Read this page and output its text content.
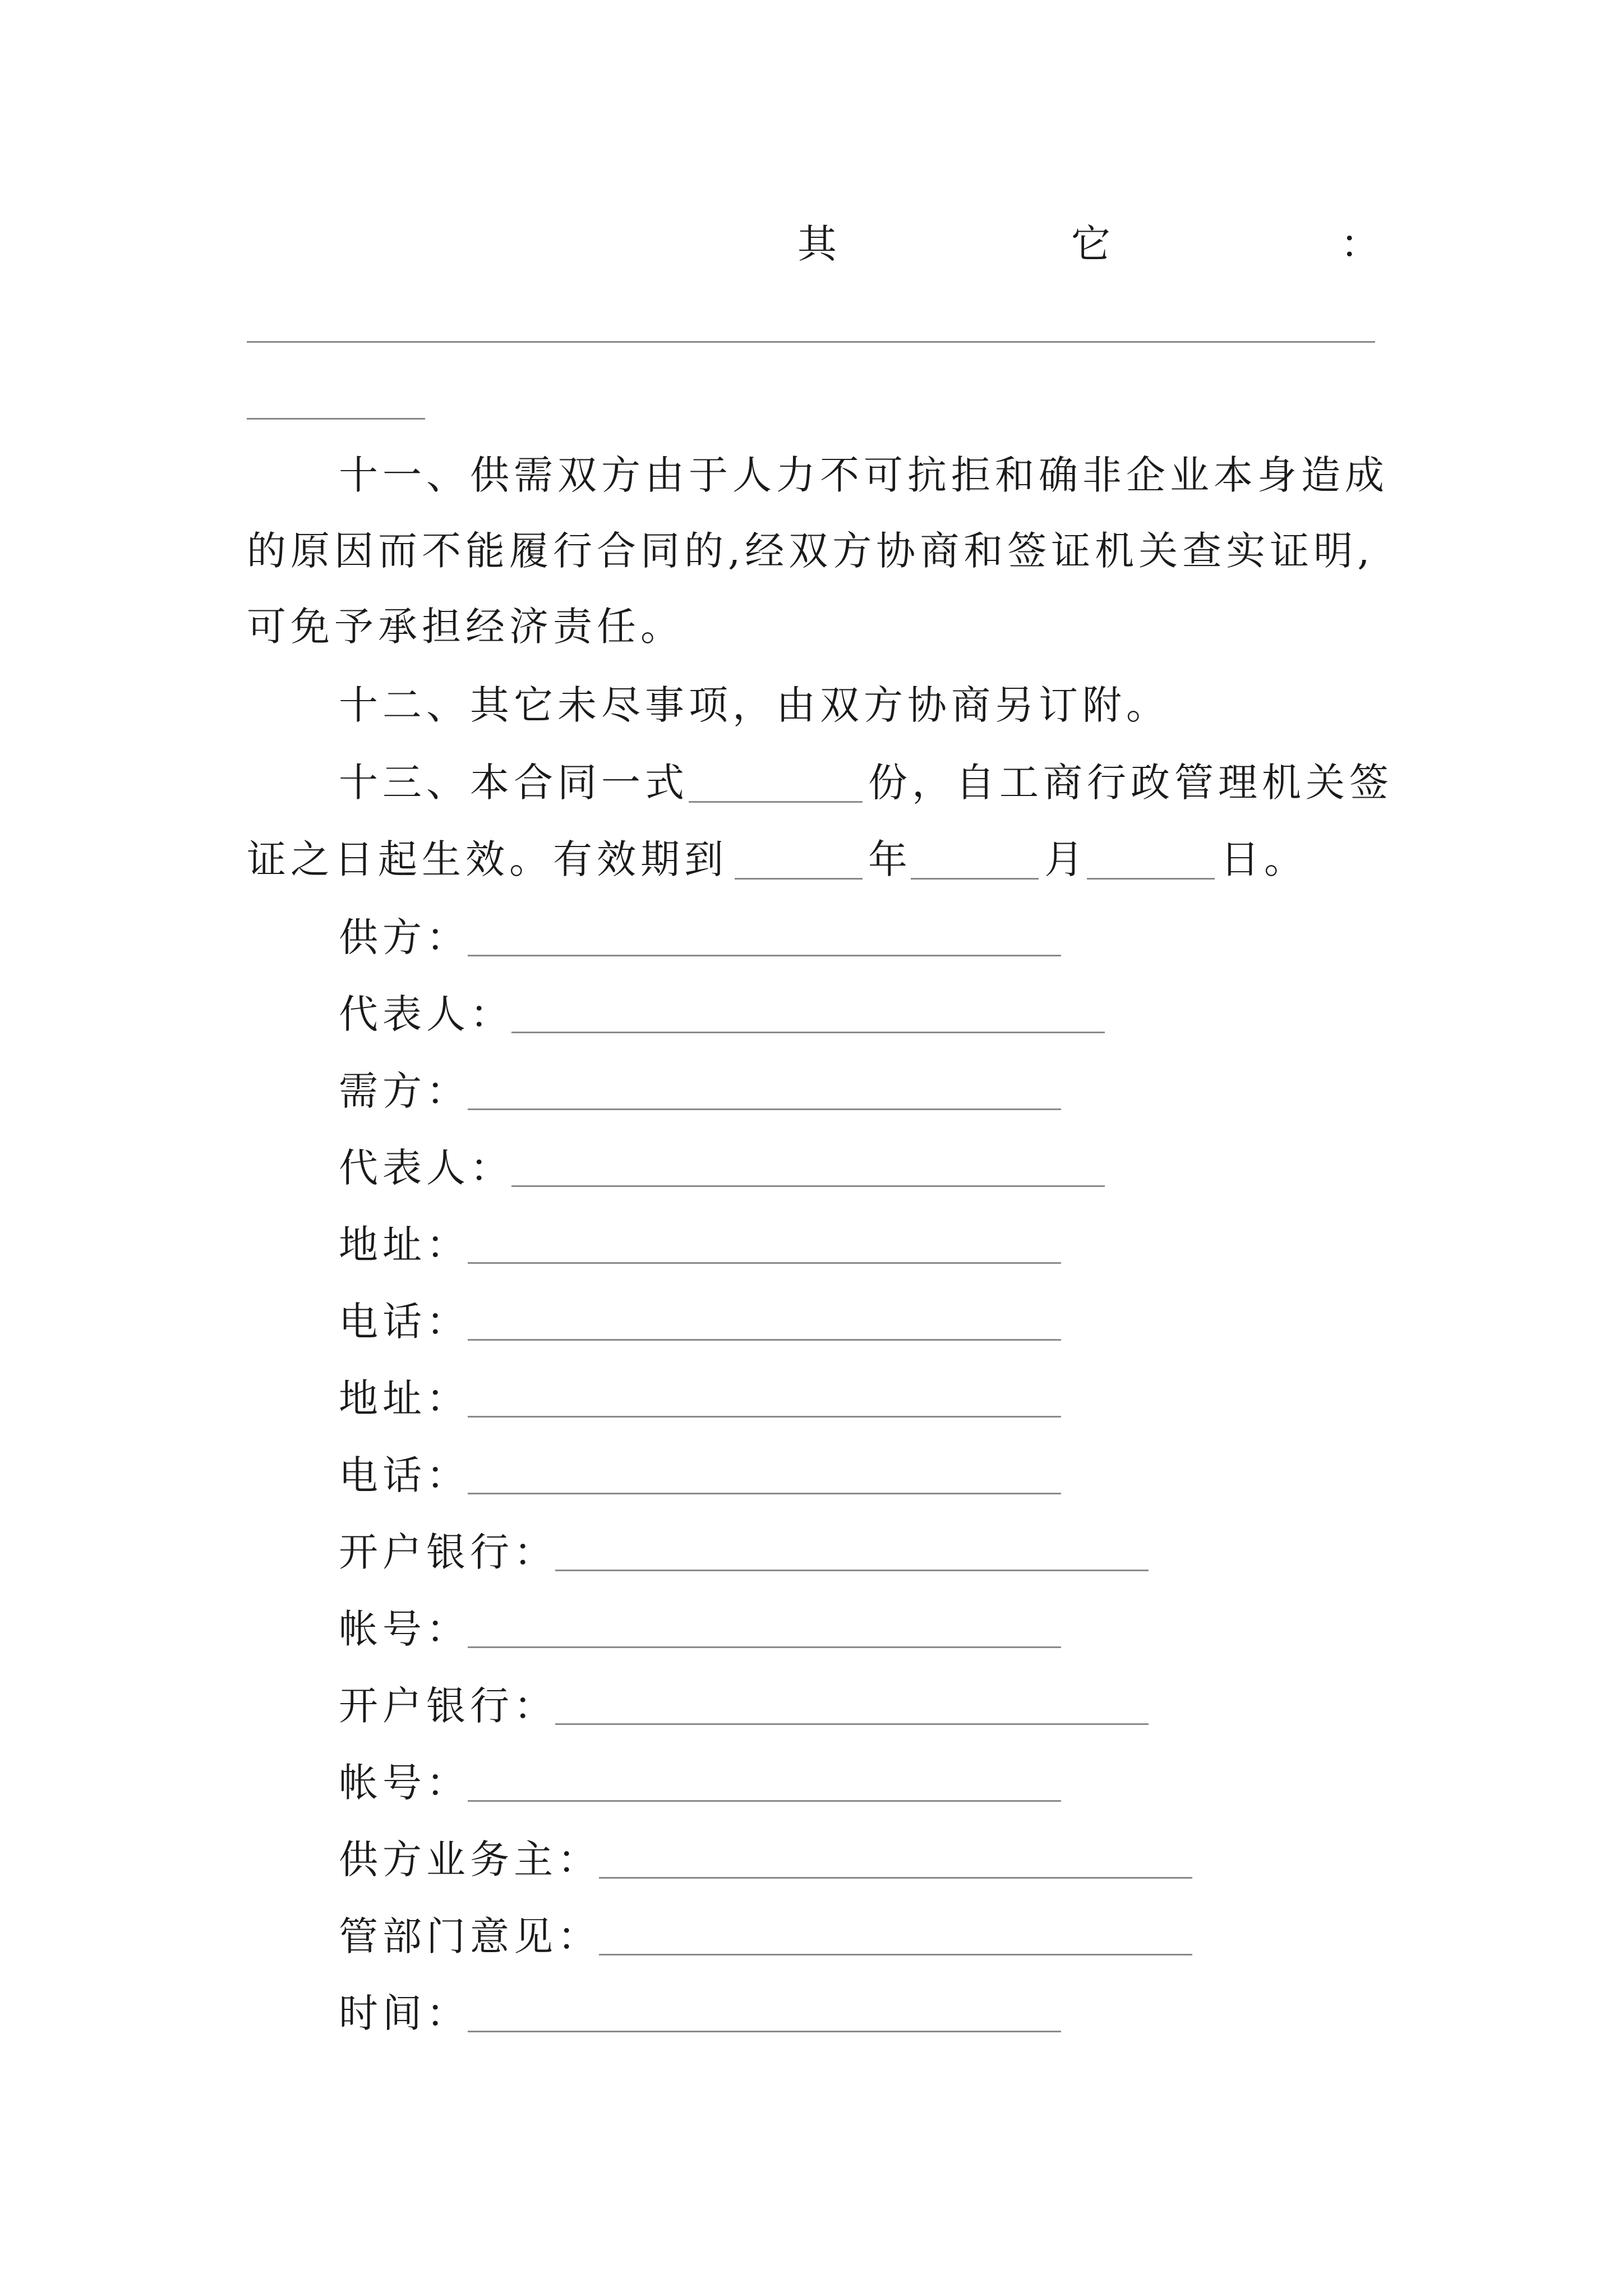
其	它	：
十一、供需双方由于人力不可抗拒和确非企业本身造成
的原因而不能履行合同的,经双方协商和签证机关查实证明,
可免予承担经济责任。
十二、其它未尽事项，由双方协商另订附。
十三、本合同一式	份，自工商行政管理机关签
证之日起生效。有效期到	年	月	日。
供方：
代表人：
需方：
代表人：
地址：
电话：
地址：
电话：
开户银行：
帐号：
开户银行：
帐号：
供方业务主：
管部门意见：
时间：
